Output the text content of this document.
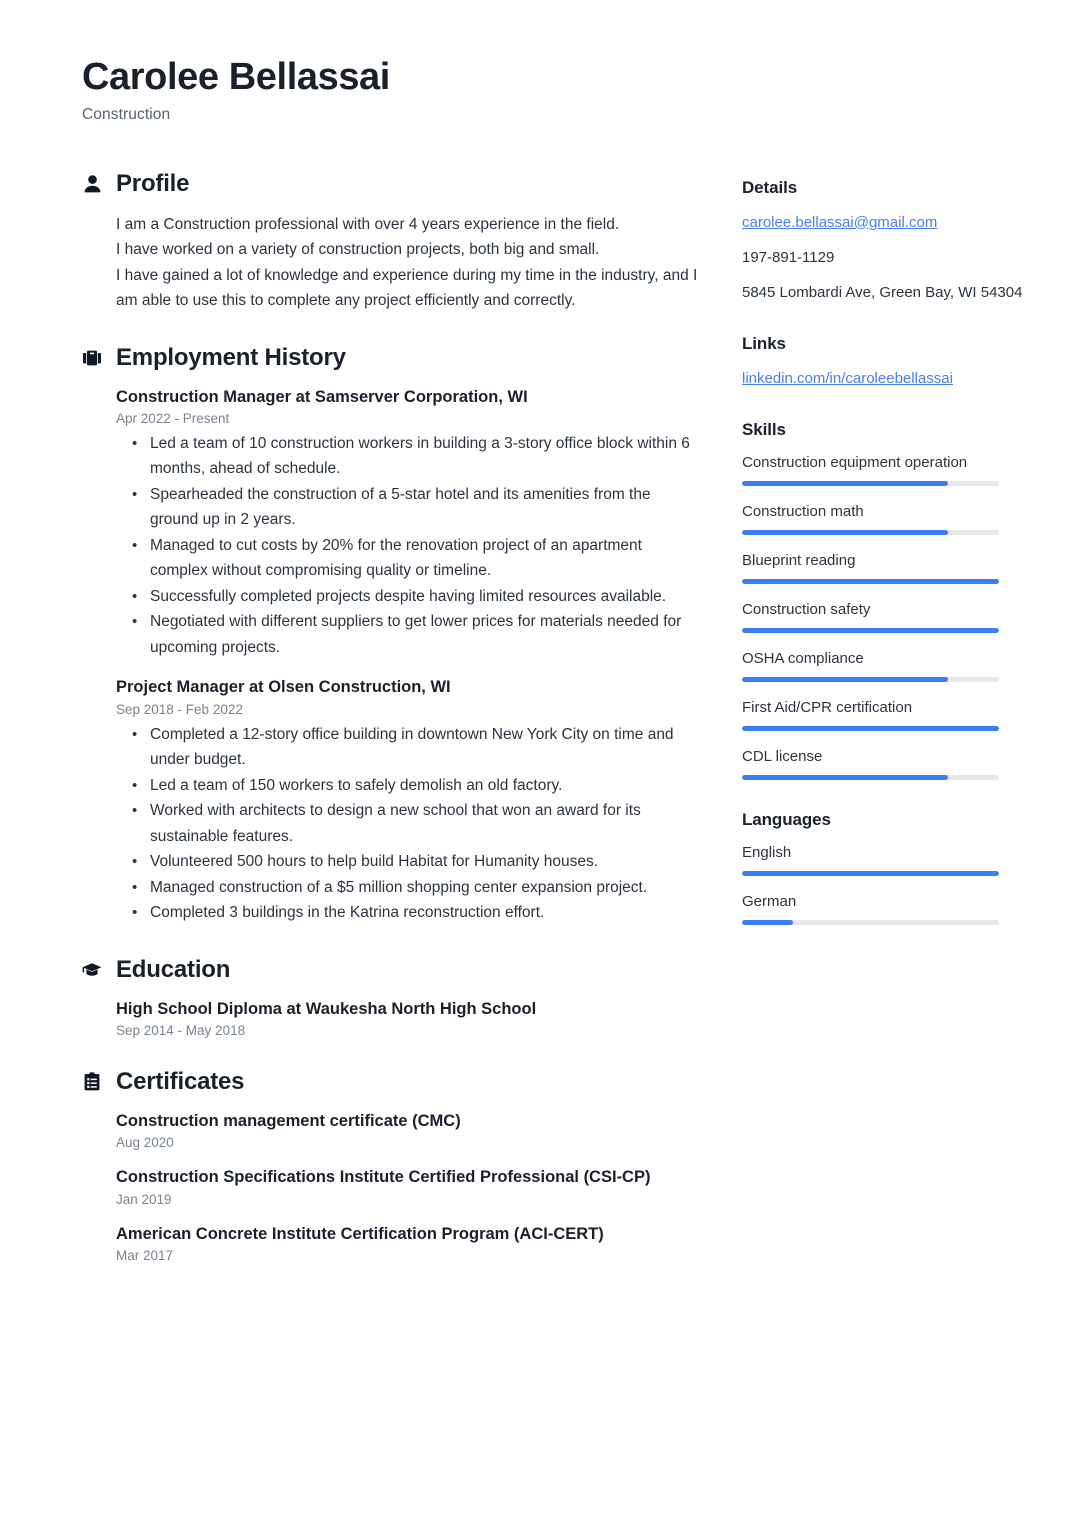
Carolee Bellassai
Construction
Profile
I am a Construction professional with over 4 years experience in the field.
I have worked on a variety of construction projects, both big and small.
I have gained a lot of knowledge and experience during my time in the industry, and I am able to use this to complete any project efficiently and correctly.
Employment History
Construction Manager at Samserver Corporation, WI
Apr 2022 - Present
• Led a team of 10 construction workers in building a 3-story office block within 6 months, ahead of schedule.
• Spearheaded the construction of a 5-star hotel and its amenities from the ground up in 2 years.
• Managed to cut costs by 20% for the renovation project of an apartment complex without compromising quality or timeline.
• Successfully completed projects despite having limited resources available.
• Negotiated with different suppliers to get lower prices for materials needed for upcoming projects.
Project Manager at Olsen Construction, WI
Sep 2018 - Feb 2022
• Completed a 12-story office building in downtown New York City on time and under budget.
• Led a team of 150 workers to safely demolish an old factory.
• Worked with architects to design a new school that won an award for its sustainable features.
• Volunteered 500 hours to help build Habitat for Humanity houses.
• Managed construction of a $5 million shopping center expansion project.
• Completed 3 buildings in the Katrina reconstruction effort.
Education
High School Diploma at Waukesha North High School
Sep 2014 - May 2018
Certificates
Construction management certificate (CMC)
Aug 2020
Construction Specifications Institute Certified Professional (CSI-CP)
Jan 2019
American Concrete Institute Certification Program (ACI-CERT)
Mar 2017
Details
carolee.bellassai@gmail.com
197-891-1129
5845 Lombardi Ave, Green Bay, WI 54304
Links
linkedin.com/in/caroleebellassai
Skills
Construction equipment operation
Construction math
Blueprint reading
Construction safety
OSHA compliance
First Aid/CPR certification
CDL license
Languages
English
German
